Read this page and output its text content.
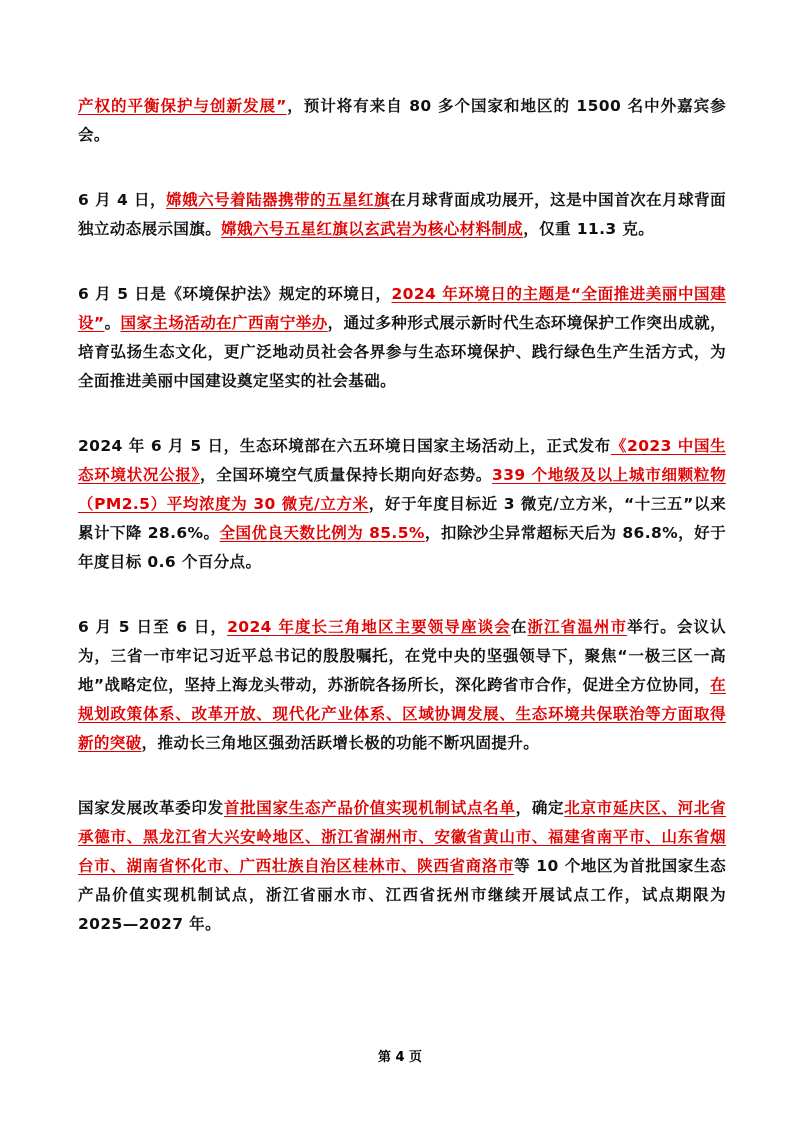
产权的平衡保护与创新发展”，预计将有来自 80 多个国家和地区的 1500 名中外嘉宾参会。

6 月 4 日，嫦娥六号着陆器携带的五星红旗在月球背面成功展开，这是中国首次在月球背面独立动态展示国旗。嫦娥六号五星红旗以玄武岩为核心材料制成，仅重 11.3 克。

6 月 5 日是《环境保护法》规定的环境日，2024 年环境日的主题是“全面推进美丽中国建设”。国家主场活动在广西南宁举办，通过多种形式展示新时代生态环境保护工作突出成就，培育弘扬生态文化，更广泛地动员社会各界参与生态环境保护、践行绿色生产生活方式，为全面推进美丽中国建设奠定坚实的社会基础。

2024 年 6 月 5 日，生态环境部在六五环境日国家主场活动上，正式发布《2023 中国生态环境状况公报》，全国环境空气质量保持长期向好态势。339 个地级及以上城市细颗粒物（PM2.5）平均浓度为 30 微克/立方米，好于年度目标近 3 微克/立方米，“十三五”以来累计下降 28.6%。全国优良天数比例为 85.5%，扣除沙尘异常超标天后为 86.8%，好于年度目标 0.6 个百分点。

6 月 5 日至 6 日，2024 年度长三角地区主要领导座谈会在浙江省温州市举行。会议认为，三省一市牢记习近平总书记的殷殷嘱托，在党中央的坚强领导下，聚焦“一极三区一高地”战略定位，坚持上海龙头带动，苏浙皖各扬所长，深化跨省市合作，促进全方位协同，在规划政策体系、改革开放、现代化产业体系、区域协调发展、生态环境共保联治等方面取得新的突破，推动长三角地区强劲活跃增长极的功能不断巩固提升。

国家发展改革委印发首批国家生态产品价值实现机制试点名单，确定北京市延庆区、河北省承德市、黑龙江省大兴安岭地区、浙江省湖州市、安徽省黄山市、福建省南平市、山东省烟台市、湖南省怀化市、广西壮族自治区桂林市、陕西省商洛市等 10 个地区为首批国家生态产品价值实现机制试点，浙江省丽水市、江西省抚州市继续开展试点工作，试点期限为 2025—2027 年。

第 4 页
